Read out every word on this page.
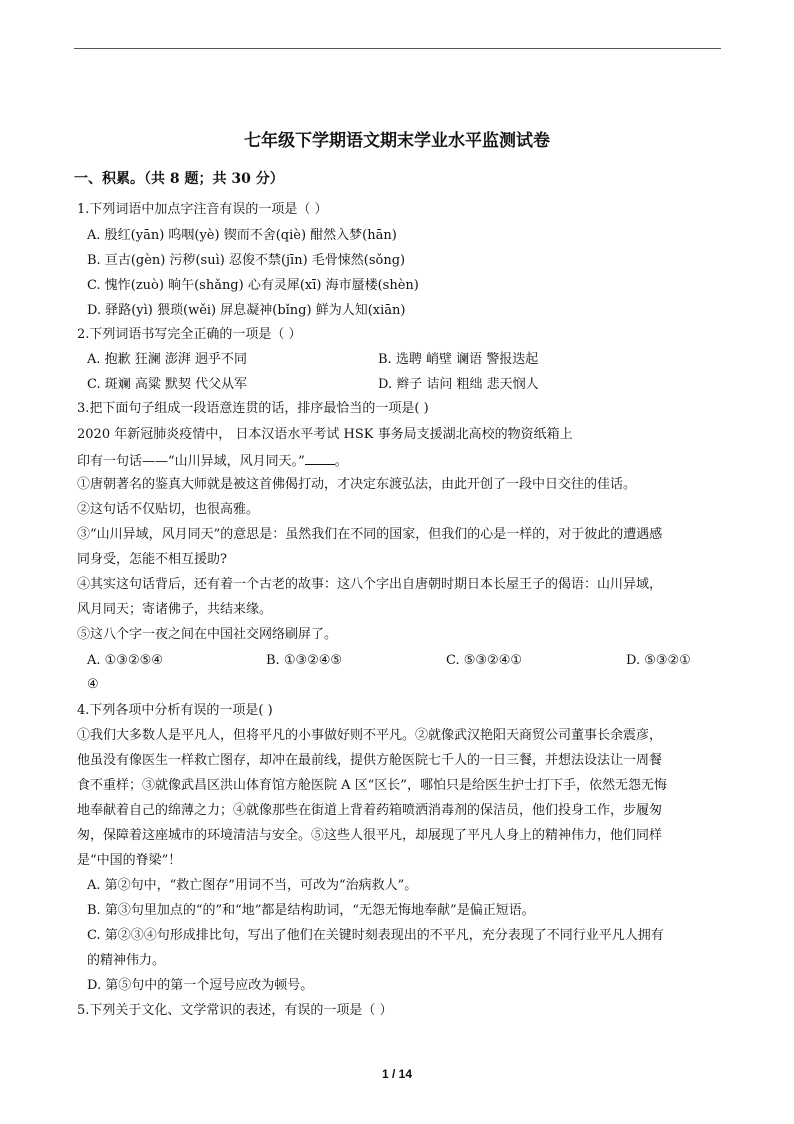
七年级下学期语文期末学业水平监测试卷
一、积累。（共 8 题；共 30 分）
1.下列词语中加点字注音有误的一项是（ ）
A. 殷红(yān) 呜咽(yè) 锲而不舍(qiè) 酣然入梦(hān)
B. 亘古(gèn) 污秽(suì) 忍俊不禁(jīn) 毛骨悚然(sǒng)
C. 愧怍(zuò) 晌午(shǎng) 心有灵犀(xī) 海市蜃楼(shèn)
D. 驿路(yì) 猥琐(wěi) 屏息凝神(bǐng) 鲜为人知(xiān)
2.下列词语书写完全正确的一项是（ ）
A. 抱歉 狂澜 澎湃 迥乎不同	B. 选聘 峭壁 谰语 警报迭起
C. 斑斓 高粱 默契 代父从军	D. 辫子 诘问 粗绌 悲天悯人
3.把下面句子组成一段语意连贯的话，排序最恰当的一项是( )
2020 年新冠肺炎疫情中， 日本汉语水平考试 HSK 事务局支援湖北高校的物资纸箱上
印有一句话——“山川异域，风月同天。” 。
①唐朝著名的鉴真大师就是被这首佛偈打动，才决定东渡弘法，由此开创了一段中日交往的佳话。
②这句话不仅贴切，也很高雅。
③“山川异域，风月同天”的意思是：虽然我们在不同的国家，但我们的心是一样的，对于彼此的遭遇感
同身受，怎能不相互援助?
④其实这句话背后，还有着一个古老的故事：这八个字出自唐朝时期日本长屋王子的偈语：山川异域，
风月同天；寄诸佛子，共结来缘。
⑤这八个字一夜之间在中国社交网络刷屏了。
A. ①③②⑤④	B. ①③②④⑤	C. ⑤③②④①	D. ⑤③②①
④
4.下列各项中分析有误的一项是( )
①我们大多数人是平凡人，但将平凡的小事做好则不平凡。②就像武汉艳阳天商贸公司董事长余震彦，
他虽没有像医生一样救亡图存，却冲在最前线，提供方舱医院七千人的一日三餐，并想法设法让一周餐
食不重样；③就像武昌区洪山体育馆方舱医院 A 区“区长”，哪怕只是给医生护士打下手，依然无怨无悔
地奉献着自己的绵薄之力；④就像那些在街道上背着药箱喷洒消毒剂的保洁员，他们投身工作，步履匆
匆，保障着这座城市的环境清洁与安全。⑤这些人很平凡，却展现了平凡人身上的精神伟力，他们同样
是“中国的脊梁”！
A. 第②句中，“救亡图存”用词不当，可改为“治病救人”。
B. 第③句里加点的“的”和“地”都是结构助词，“无怨无悔地奉献”是偏正短语。
C. 第②③④句形成排比句，写出了他们在关键时刻表现出的不平凡，充分表现了不同行业平凡人拥有
的精神伟力。
D. 第⑤句中的第一个逗号应改为顿号。
5.下列关于文化、文学常识的表述，有误的一项是（ ）
1 / 14
